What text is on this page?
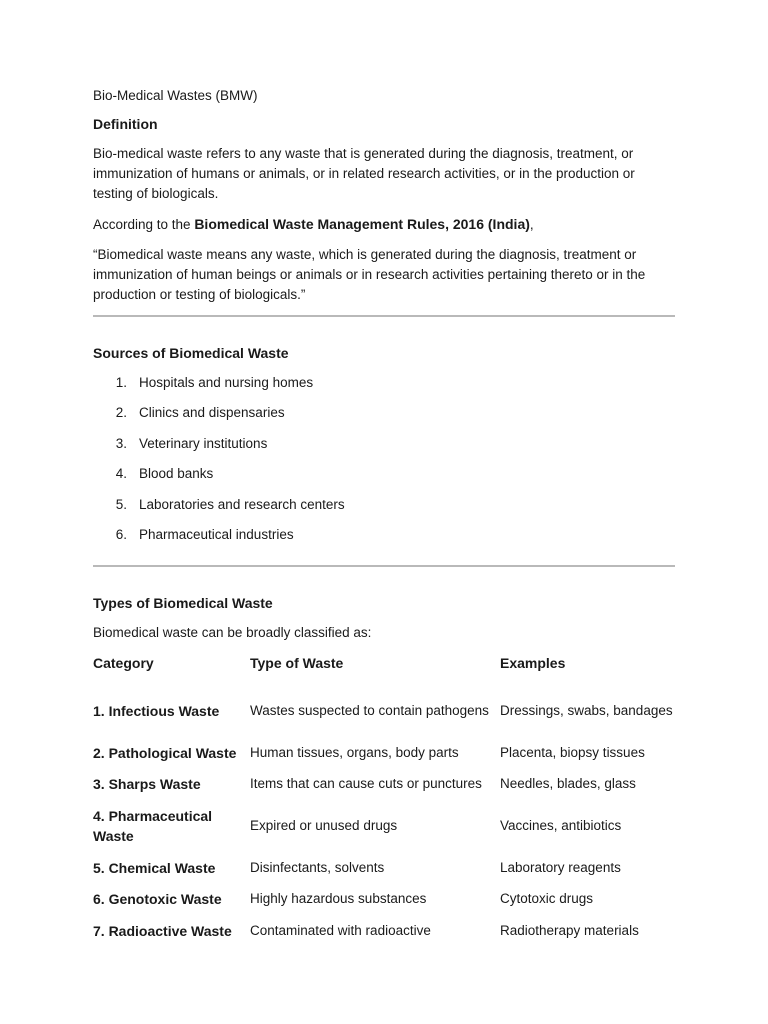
Bio-Medical Wastes (BMW)
Definition

Bio-medical waste refers to any waste that is generated during the diagnosis, treatment, or immunization of humans or animals, or in related research activities, or in the production or testing of biologicals.

According to the Biomedical Waste Management Rules, 2016 (India),

“Biomedical waste means any waste, which is generated during the diagnosis, treatment or immunization of human beings or animals or in research activities pertaining thereto or in the production or testing of biologicals.”

Sources of Biomedical Waste
1. Hospitals and nursing homes
2. Clinics and dispensaries
3. Veterinary institutions
4. Blood banks
5. Laboratories and research centers
6. Pharmaceutical industries
Types of Biomedical Waste

Biomedical waste can be broadly classified as:

Category	Type of Waste	Examples
1. Infectious Waste	Wastes suspected to contain pathogens	Dressings, swabs, bandages
2. Pathological Waste	Human tissues, organs, body parts	Placenta, biopsy tissues
3. Sharps Waste	Items that can cause cuts or punctures	Needles, blades, glass
4. Pharmaceutical Waste	Expired or unused drugs	Vaccines, antibiotics
5. Chemical Waste	Disinfectants, solvents	Laboratory reagents
6. Genotoxic Waste	Highly hazardous substances	Cytotoxic drugs
7. Radioactive Waste	Contaminated with radioactive	Radiotherapy materials
